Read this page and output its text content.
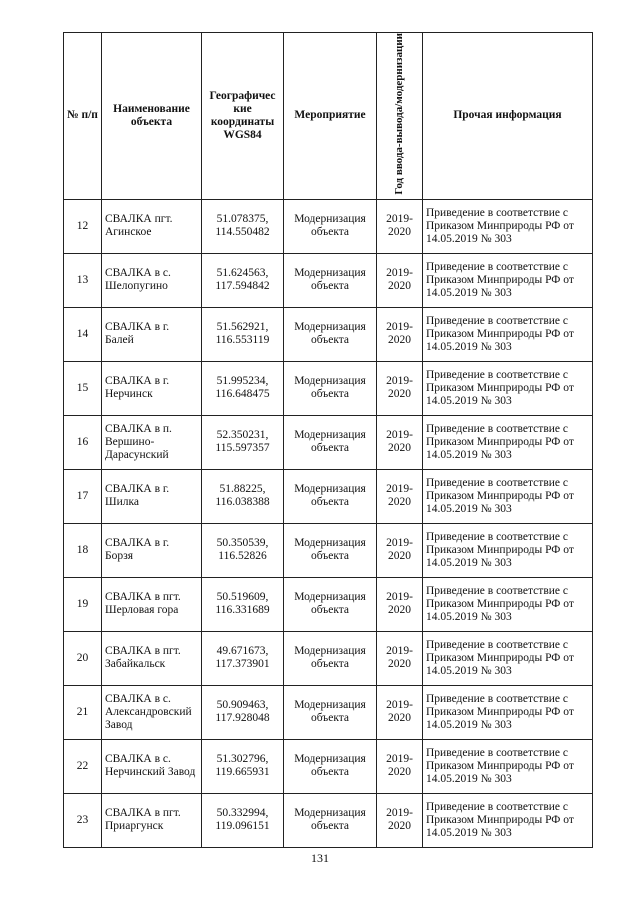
№ п/п	Наименование объекта	Географичес кие координаты WGS84	Мероприятие	Год ввода-вывода/модернизации	Прочая информация
12	СВАЛКА пгт. Агинское	51.078375, 114.550482	Модернизация объекта	2019-2020	Приведение в соответствие с Приказом Минприроды РФ от 14.05.2019 № 303
13	СВАЛКА в с. Шелопугино	51.624563, 117.594842	Модернизация объекта	2019-2020	Приведение в соответствие с Приказом Минприроды РФ от 14.05.2019 № 303
14	СВАЛКА в г. Балей	51.562921, 116.553119	Модернизация объекта	2019-2020	Приведение в соответствие с Приказом Минприроды РФ от 14.05.2019 № 303
15	СВАЛКА в г. Нерчинск	51.995234, 116.648475	Модернизация объекта	2019-2020	Приведение в соответствие с Приказом Минприроды РФ от 14.05.2019 № 303
16	СВАЛКА в п. Вершино-Дарасунский	52.350231, 115.597357	Модернизация объекта	2019-2020	Приведение в соответствие с Приказом Минприроды РФ от 14.05.2019 № 303
17	СВАЛКА в г. Шилка	51.88225, 116.038388	Модернизация объекта	2019-2020	Приведение в соответствие с Приказом Минприроды РФ от 14.05.2019 № 303
18	СВАЛКА в г. Борзя	50.350539, 116.52826	Модернизация объекта	2019-2020	Приведение в соответствие с Приказом Минприроды РФ от 14.05.2019 № 303
19	СВАЛКА в пгт. Шерловая гора	50.519609, 116.331689	Модернизация объекта	2019-2020	Приведение в соответствие с Приказом Минприроды РФ от 14.05.2019 № 303
20	СВАЛКА в пгт. Забайкальск	49.671673, 117.373901	Модернизация объекта	2019-2020	Приведение в соответствие с Приказом Минприроды РФ от 14.05.2019 № 303
21	СВАЛКА в с. Александровский Завод	50.909463, 117.928048	Модернизация объекта	2019-2020	Приведение в соответствие с Приказом Минприроды РФ от 14.05.2019 № 303
22	СВАЛКА в с. Нерчинский Завод	51.302796, 119.665931	Модернизация объекта	2019-2020	Приведение в соответствие с Приказом Минприроды РФ от 14.05.2019 № 303
23	СВАЛКА в пгт. Приаргунск	50.332994, 119.096151	Модернизация объекта	2019-2020	Приведение в соответствие с Приказом Минприроды РФ от 14.05.2019 № 303
131
